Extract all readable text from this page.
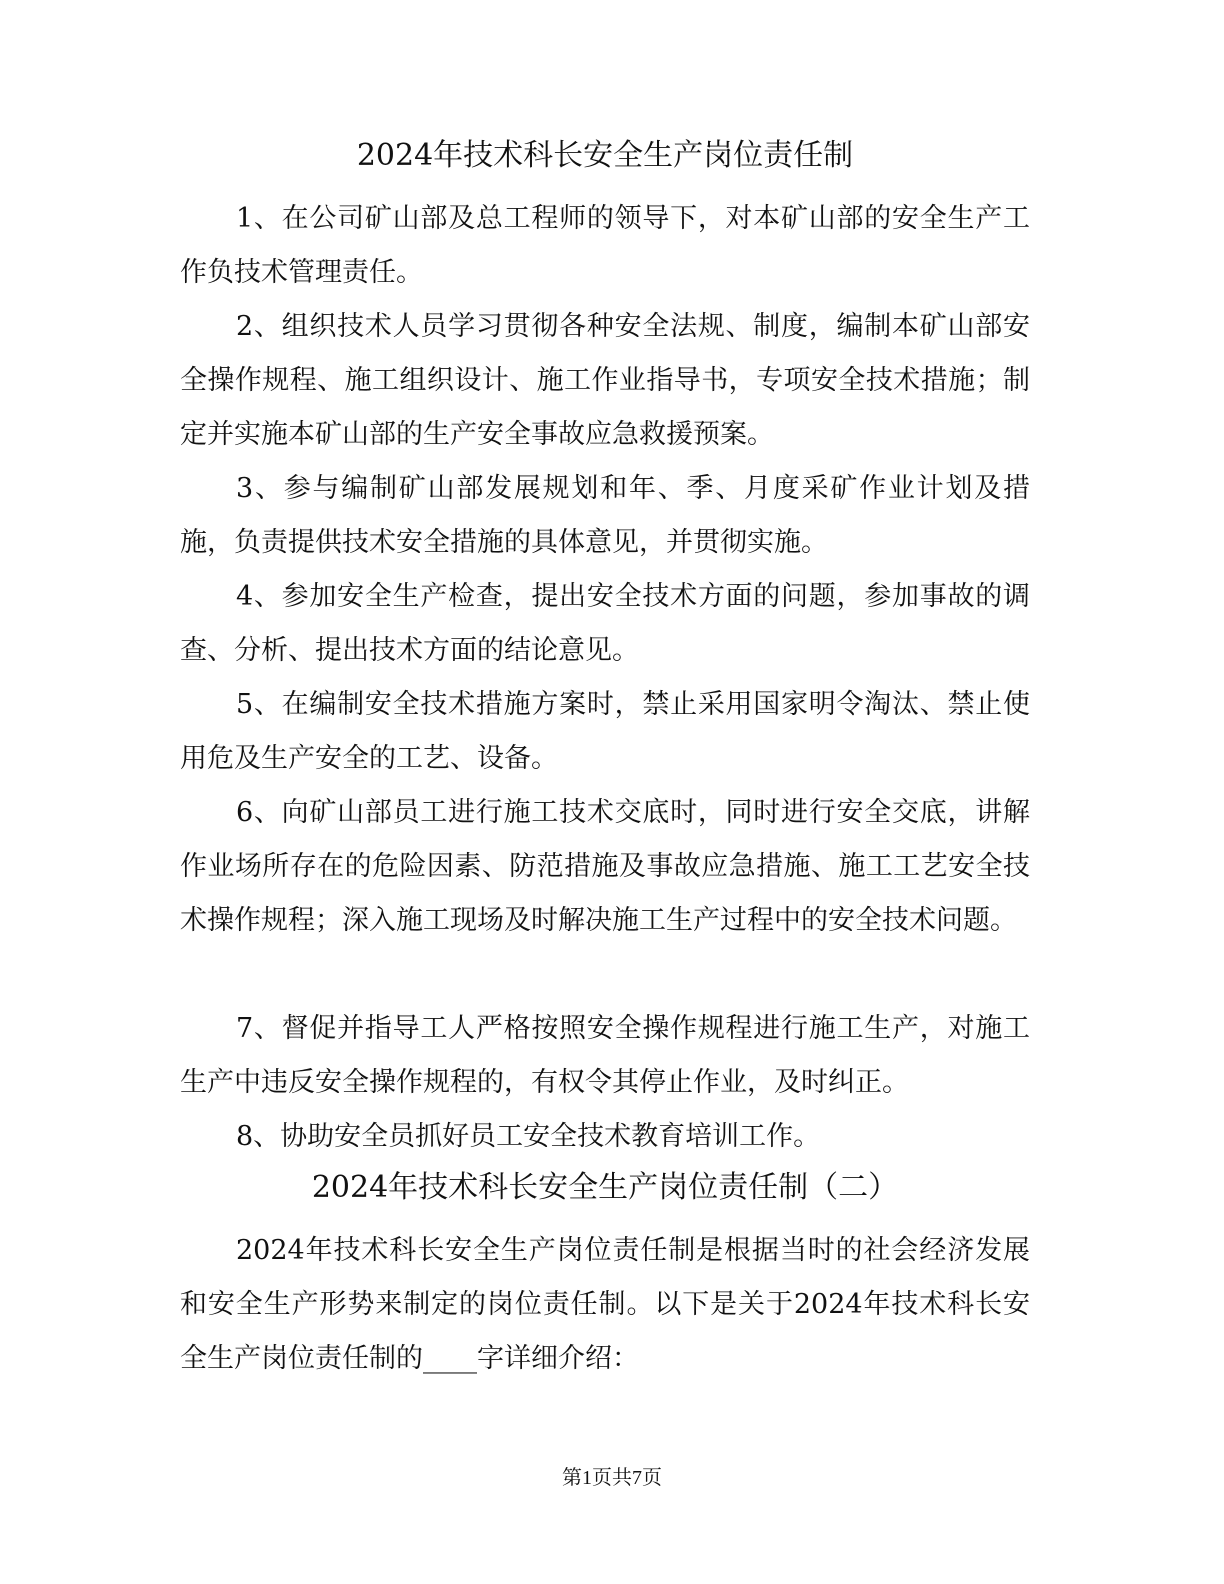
2024年技术科长安全生产岗位责任制

1、在公司矿山部及总工程师的领导下，对本矿山部的安全生产工作负技术管理责任。

2、组织技术人员学习贯彻各种安全法规、制度，编制本矿山部安全操作规程、施工组织设计、施工作业指导书，专项安全技术措施；制定并实施本矿山部的生产安全事故应急救援预案。

3、参与编制矿山部发展规划和年、季、月度采矿作业计划及措施，负责提供技术安全措施的具体意见，并贯彻实施。

4、参加安全生产检查，提出安全技术方面的问题，参加事故的调查、分析、提出技术方面的结论意见。

5、在编制安全技术措施方案时，禁止采用国家明令淘汰、禁止使用危及生产安全的工艺、设备。

6、向矿山部员工进行施工技术交底时，同时进行安全交底，讲解作业场所存在的危险因素、防范措施及事故应急措施、施工工艺安全技术操作规程；深入施工现场及时解决施工生产过程中的安全技术问题。

7、督促并指导工人严格按照安全操作规程进行施工生产，对施工生产中违反安全操作规程的，有权令其停止作业，及时纠正。

8、协助安全员抓好员工安全技术教育培训工作。

2024年技术科长安全生产岗位责任制（二）

2024年技术科长安全生产岗位责任制是根据当时的社会经济发展和安全生产形势来制定的岗位责任制。以下是关于2024年技术科长安全生产岗位责任制的____字详细介绍：

第1页共7页
